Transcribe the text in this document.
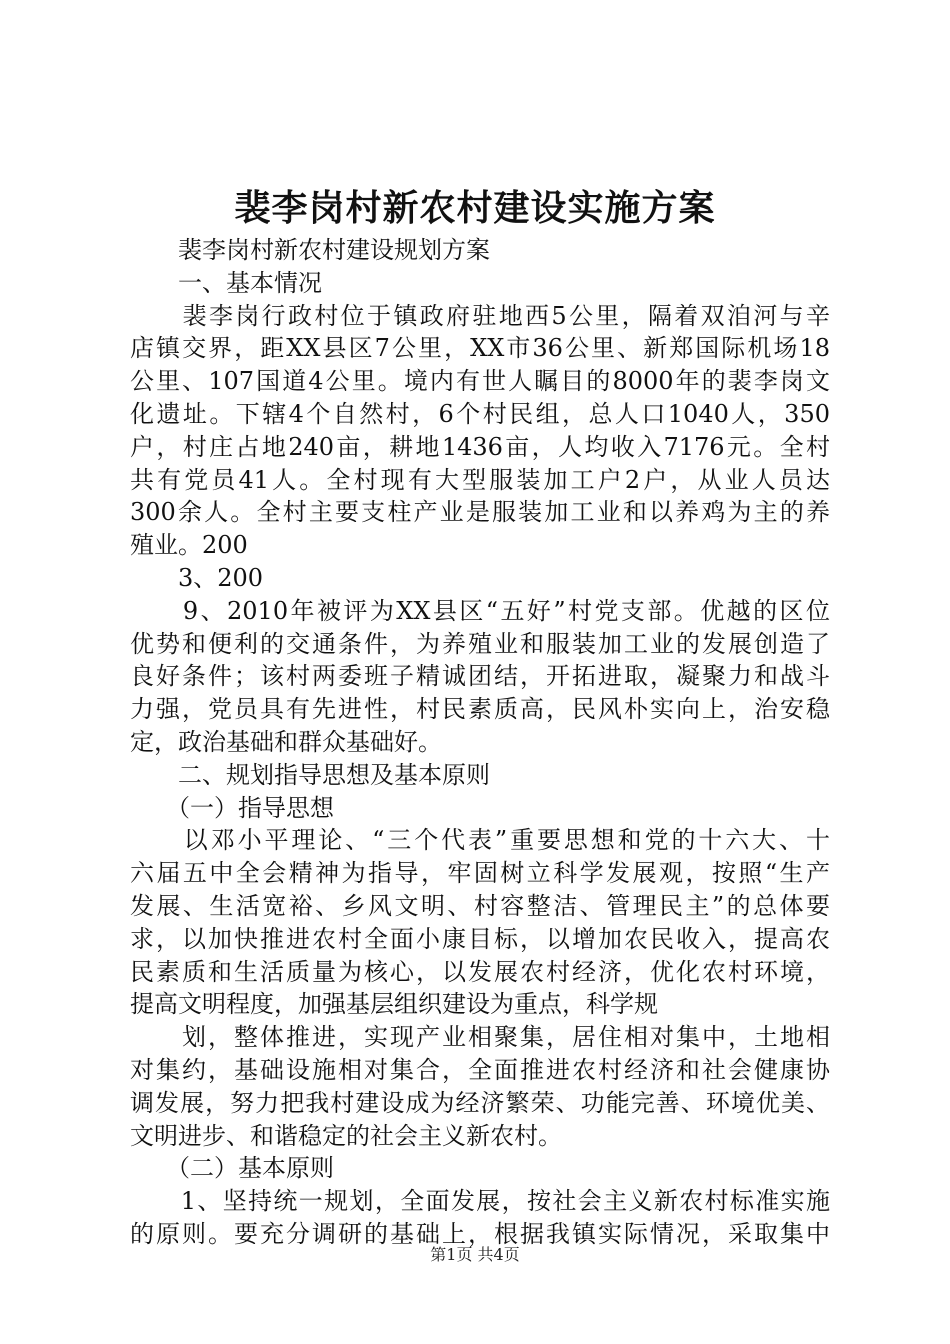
裴李岗村新农村建设实施方案
　　裴李岗村新农村建设规划方案
　　一、基本情况
　　裴李岗行政村位于镇政府驻地西5公里，隔着双洎河与辛
店镇交界，距XX县区7公里，XX市36公里、新郑国际机场18
公里、107国道4公里。境内有世人瞩目的8000年的裴李岗文
化遗址。下辖4个自然村，6个村民组，总人口1040人，350
户，村庄占地240亩，耕地1436亩，人均收入7176元。全村
共有党员41人。全村现有大型服装加工户2户，从业人员达
300余人。全村主要支柱产业是服装加工业和以养鸡为主的养
殖业。200
　　3、200
　　9、2010年被评为XX县区“五好”村党支部。优越的区位
优势和便利的交通条件，为养殖业和服装加工业的发展创造了
良好条件；该村两委班子精诚团结，开拓进取，凝聚力和战斗
力强，党员具有先进性，村民素质高，民风朴实向上，治安稳
定，政治基础和群众基础好。
　　二、规划指导思想及基本原则
　　（一）指导思想
　　以邓小平理论、“三个代表”重要思想和党的十六大、十
六届五中全会精神为指导，牢固树立科学发展观，按照“生产
发展、生活宽裕、乡风文明、村容整洁、管理民主”的总体要
求，以加快推进农村全面小康目标，以增加农民收入，提高农
民素质和生活质量为核心，以发展农村经济，优化农村环境，
提高文明程度，加强基层组织建设为重点，科学规
　　划，整体推进，实现产业相聚集，居住相对集中，土地相
对集约，基础设施相对集合，全面推进农村经济和社会健康协
调发展，努力把我村建设成为经济繁荣、功能完善、环境优美、
文明进步、和谐稳定的社会主义新农村。
　　（二）基本原则
　　1、坚持统一规划，全面发展，按社会主义新农村标准实施
的原则。要充分调研的基础上，根据我镇实际情况，采取集中
第1页 共4页
